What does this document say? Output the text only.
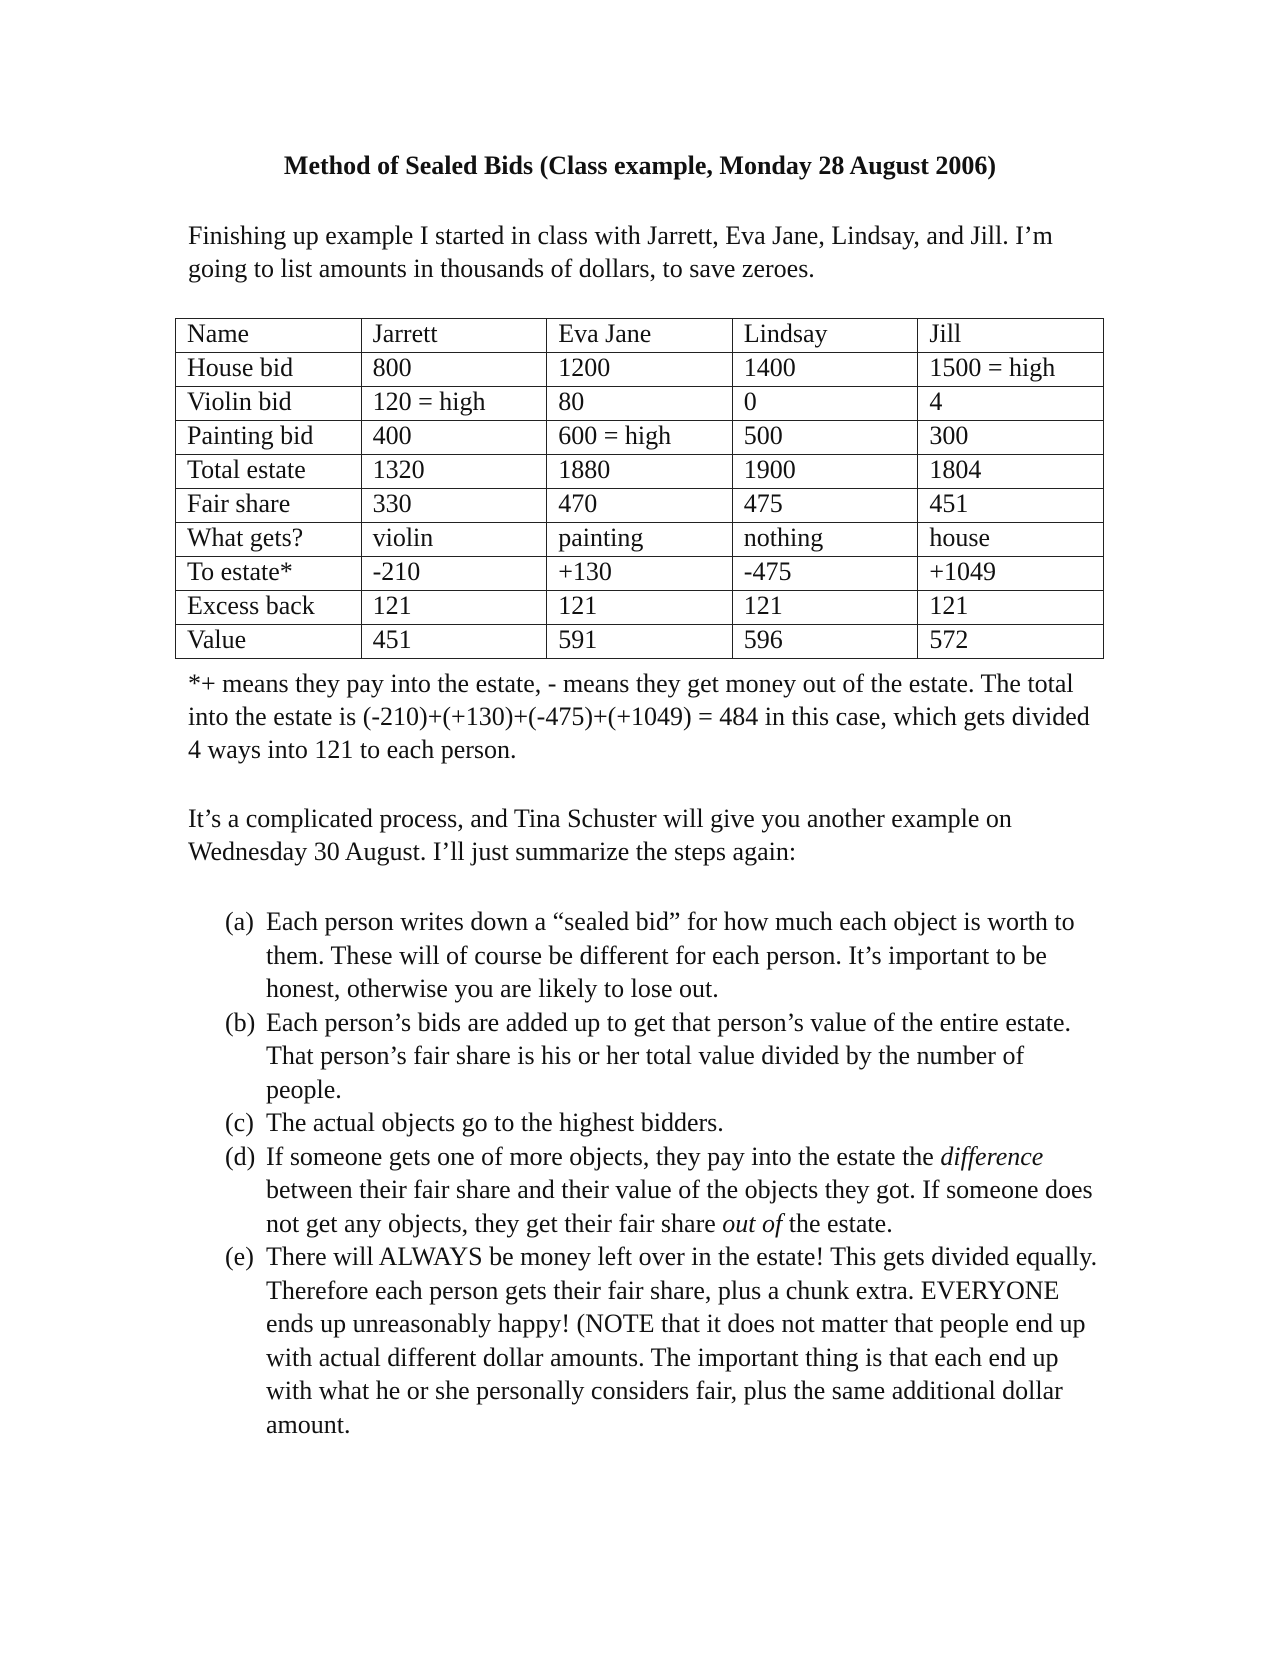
Method of Sealed Bids (Class example, Monday 28 August 2006)

Finishing up example I started in class with Jarrett, Eva Jane, Lindsay, and Jill. I’m going to list amounts in thousands of dollars, to save zeroes.

Name	Jarrett	Eva Jane	Lindsay	Jill
House bid	800	1200	1400	1500 = high
Violin bid	120 = high	80	0	4
Painting bid	400	600 = high	500	300
Total estate	1320	1880	1900	1804
Fair share	330	470	475	451
What gets?	violin	painting	nothing	house
To estate*	-210	+130	-475	+1049
Excess back	121	121	121	121
Value	451	591	596	572

*+ means they pay into the estate, - means they get money out of the estate. The total into the estate is (-210)+(+130)+(-475)+(+1049) = 484 in this case, which gets divided 4 ways into 121 to each person.

It’s a complicated process, and Tina Schuster will give you another example on Wednesday 30 August. I’ll just summarize the steps again:

(a) Each person writes down a “sealed bid” for how much each object is worth to them. These will of course be different for each person. It’s important to be honest, otherwise you are likely to lose out.
(b) Each person’s bids are added up to get that person’s value of the entire estate. That person’s fair share is his or her total value divided by the number of people.
(c) The actual objects go to the highest bidders.
(d) If someone gets one of more objects, they pay into the estate the difference between their fair share and their value of the objects they got. If someone does not get any objects, they get their fair share out of the estate.
(e) There will ALWAYS be money left over in the estate! This gets divided equally. Therefore each person gets their fair share, plus a chunk extra. EVERYONE ends up unreasonably happy! (NOTE that it does not matter that people end up with actual different dollar amounts. The important thing is that each end up with what he or she personally considers fair, plus the same additional dollar amount.
